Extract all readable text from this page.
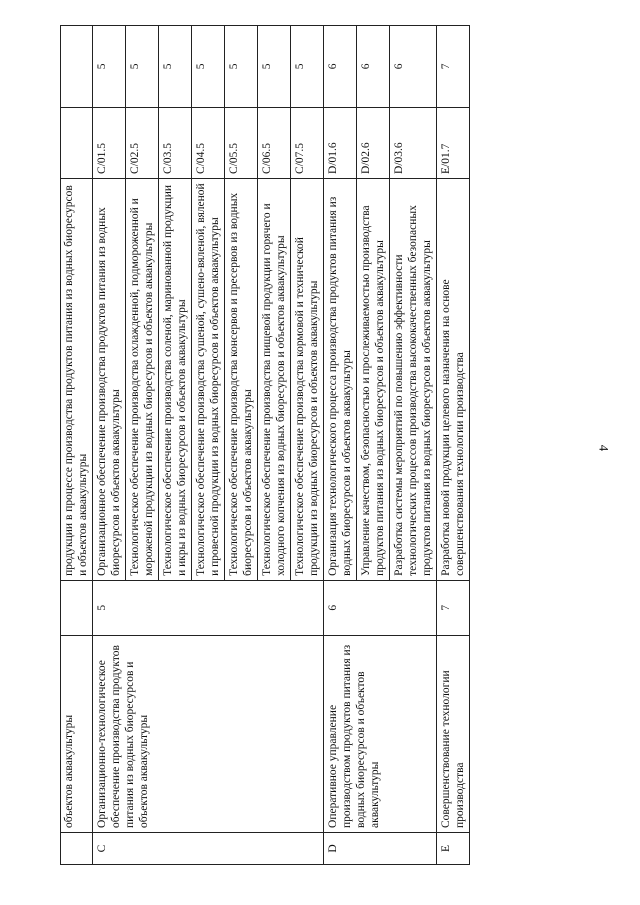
4
	объектов аквакультуры		продукции в процессе производства продуктов питания из водных биоресурсов и объектов аквакультуры		
C	Организационно-технологическое обеспечение производства продуктов питания из водных биоресурсов и объектов аквакультуры	5	Организационное обеспечение производства продуктов питания из водных биоресурсов и объектов аквакультуры	C/01.5	5
			Технологическое обеспечение производства охлажденной, подмороженной и мороженой продукции из водных биоресурсов и объектов аквакультуры	C/02.5	5
			Технологическое обеспечение производства соленой, маринованной продукции и икры из водных биоресурсов и объектов аквакультуры	C/03.5	5
			Технологическое обеспечение производства сушеной, сушено-вяленой, вяленой и провесной продукции из водных биоресурсов и объектов аквакультуры	C/04.5	5
			Технологическое обеспечение производства консервов и пресервов из водных биоресурсов и объектов аквакультуры	C/05.5	5
			Технологическое обеспечение производства пищевой продукции горячего и холодного копчения из водных биоресурсов и объектов аквакультуры	C/06.5	5
			Технологическое обеспечение производства кормовой и технической продукции из водных биоресурсов и объектов аквакультуры	C/07.5	5
D	Оперативное управление производством продуктов питания из водных биоресурсов и объектов аквакультуры	6	Организация технологического процесса производства продуктов питания из водных биоресурсов и объектов аквакультуры	D/01.6	6
			Управление качеством, безопасностью и прослеживаемостью производства продуктов питания из водных биоресурсов и объектов аквакультуры	D/02.6	6
			Разработка системы мероприятий по повышению эффективности технологических процессов производства высококачественных безопасных продуктов питания из водных биоресурсов и объектов аквакультуры	D/03.6	6
E	Совершенствование технологии производства	7	Разработка новой продукции целевого назначения на основе совершенствования технологии производства	E/01.7	7
